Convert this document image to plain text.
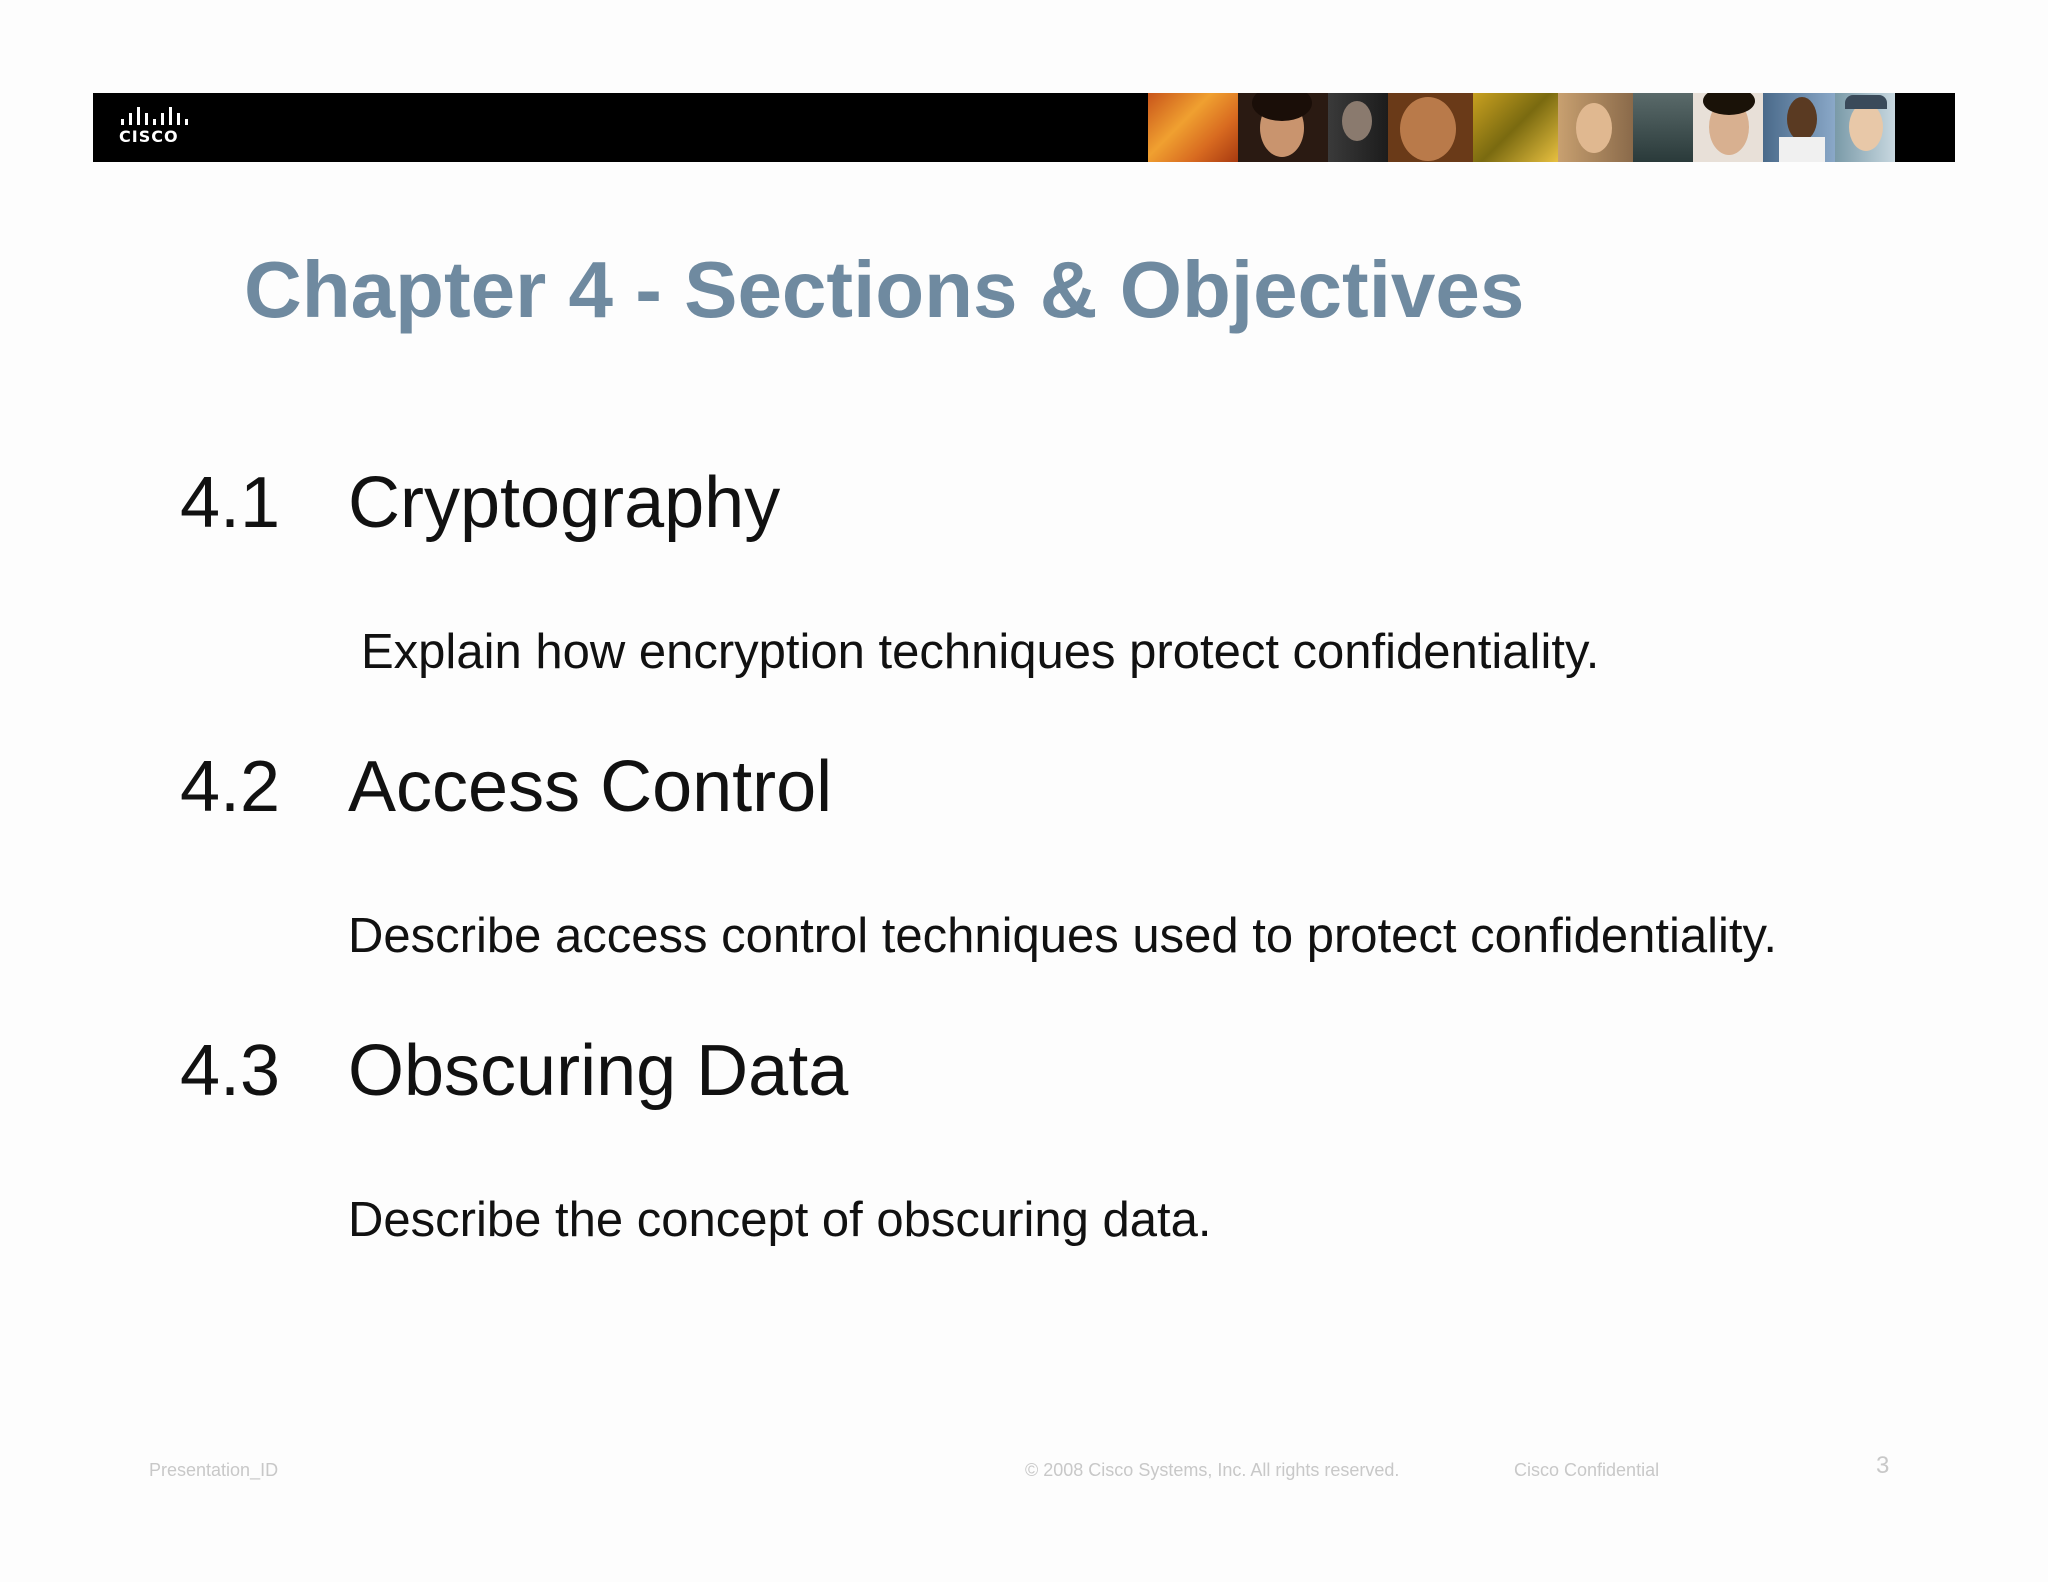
CISCO
Chapter 4 - Sections & Objectives
4.1 Cryptography
Explain how encryption techniques protect confidentiality.
4.2 Access Control
Describe access control techniques used to protect confidentiality.
4.3 Obscuring Data
Describe the concept of obscuring data.
Presentation_ID	© 2008 Cisco Systems, Inc. All rights reserved.	Cisco Confidential	3
